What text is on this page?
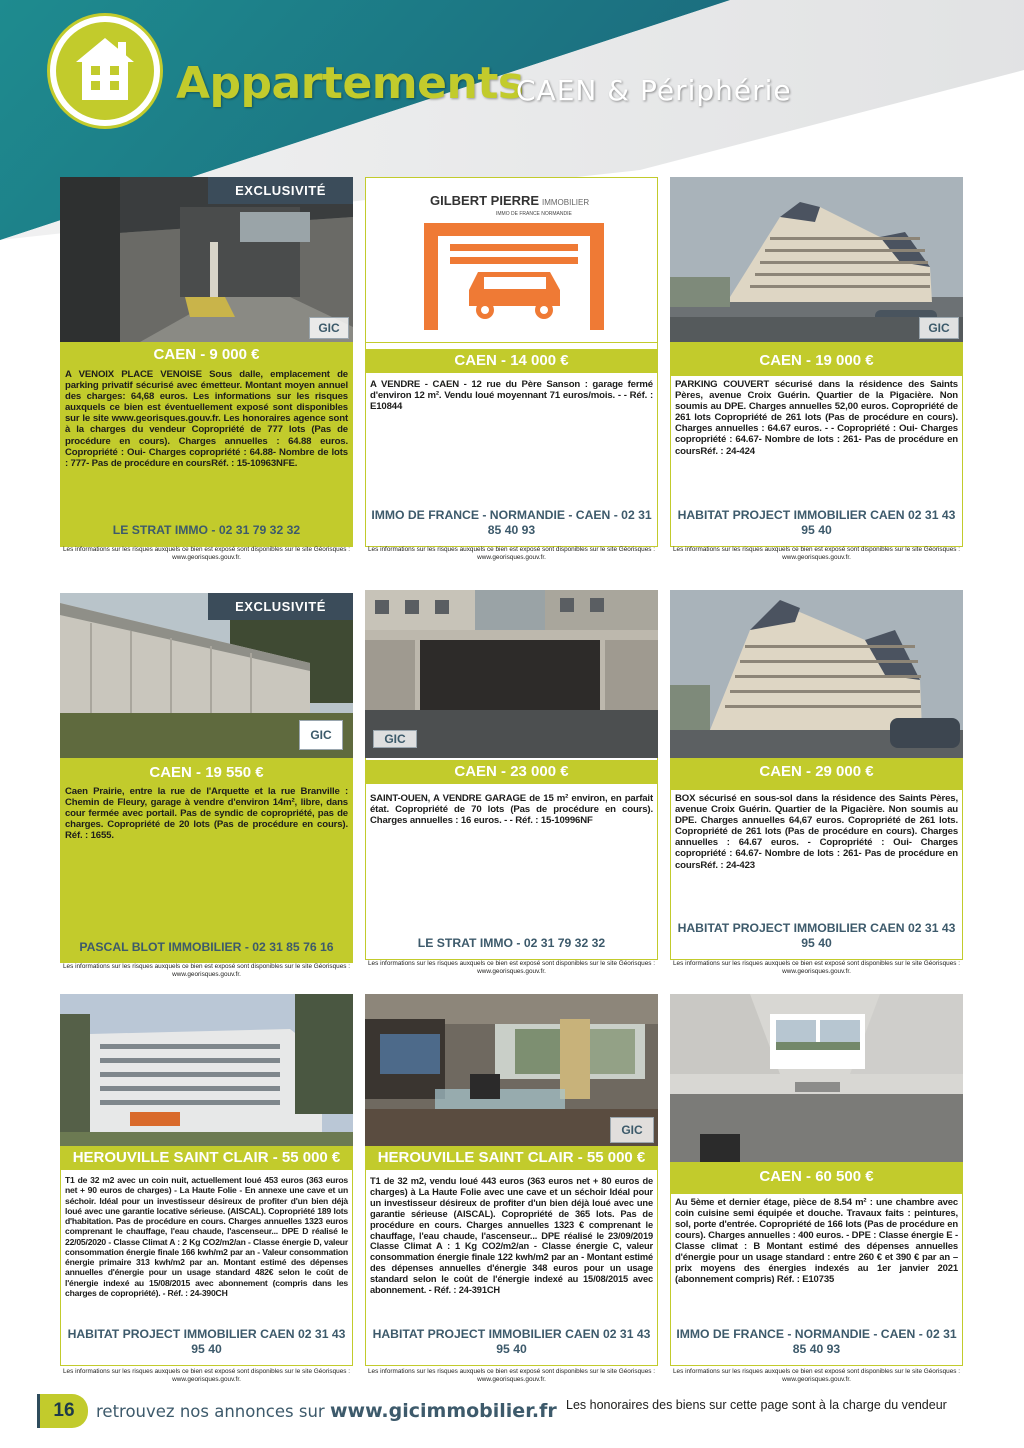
Appartements
CAEN & Périphérie
EXCLUSIVITÉ
GIC
CAEN - 9 000 €
A VENOIX PLACE VENOISE Sous dalle, emplacement de parking privatif sécurisé avec émetteur. Montant moyen annuel des charges: 64,68 euros. Les informations sur les risques auxquels ce bien est éventuellement exposé sont disponibles sur le site www.georisques.gouv.fr. Les honoraires agence sont à la charges du vendeur Copropriété de 777 lots (Pas de procédure en cours). Charges annuelles : 64.88 euros. Copropriété : Oui- Charges copropriété : 64.88- Nombre de lots : 777- Pas de procédure en coursRéf. : 15-10963NFE.
LE STRAT IMMO - 02 31 79 32 32
Les informations sur les risques auxquels ce bien est exposé sont disponibles sur le site Géorisques : www.georisques.gouv.fr.
GILBERT PIERRE IMMOBILIER
IMMO DE FRANCE NORMANDIE
CAEN - 14 000 €
A VENDRE - CAEN - 12 rue du Père Sanson : garage fermé d'environ 12 m². Vendu loué moyennant 71 euros/mois. - - Réf. : E10844
IMMO DE FRANCE - NORMANDIE - CAEN - 02 31 85 40 93
Les informations sur les risques auxquels ce bien est exposé sont disponibles sur le site Géorisques : www.georisques.gouv.fr.
GIC
CAEN - 19 000 €
PARKING COUVERT sécurisé dans la résidence des Saints Pères, avenue Croix Guérin. Quartier de la Pigacière. Non soumis au DPE. Charges annuelles 52,00 euros. Copropriété de 261 lots Copropriété de 261 lots (Pas de procédure en cours). Charges annuelles : 64.67 euros. - - Copropriété : Oui- Charges copropriété : 64.67- Nombre de lots : 261- Pas de procédure en coursRéf. : 24-424
HABITAT PROJECT IMMOBILIER CAEN 02 31 43 95 40
Les informations sur les risques auxquels ce bien est exposé sont disponibles sur le site Géorisques : www.georisques.gouv.fr.
EXCLUSIVITÉ
GIC
CAEN - 19 550 €
Caen Prairie, entre la rue de l'Arquette et la rue Branville : Chemin de Fleury, garage à vendre d'environ 14m², libre, dans cour fermée avec portail. Pas de syndic de copropriété, pas de charges. Copropriété de 20 lots (Pas de procédure en cours). Réf. : 1655.
PASCAL BLOT IMMOBILIER - 02 31 85 76 16
Les informations sur les risques auxquels ce bien est exposé sont disponibles sur le site Géorisques : www.georisques.gouv.fr.
GIC
CAEN - 23 000 €
SAINT-OUEN, A VENDRE GARAGE de 15 m² environ, en parfait état. Copropriété de 70 lots (Pas de procédure en cours). Charges annuelles : 16 euros. - - Réf. : 15-10996NF
LE STRAT IMMO - 02 31 79 32 32
Les informations sur les risques auxquels ce bien est exposé sont disponibles sur le site Géorisques : www.georisques.gouv.fr.
CAEN - 29 000 €
BOX sécurisé en sous-sol dans la résidence des Saints Pères, avenue Croix Guérin. Quartier de la Pigacière. Non soumis au DPE. Charges annuelles 64,67 euros. Copropriété de 261 lots. Copropriété de 261 lots (Pas de procédure en cours). Charges annuelles : 64.67 euros. - Copropriété : Oui- Charges copropriété : 64.67- Nombre de lots : 261- Pas de procédure en coursRéf. : 24-423
HABITAT PROJECT IMMOBILIER CAEN 02 31 43 95 40
Les informations sur les risques auxquels ce bien est exposé sont disponibles sur le site Géorisques : www.georisques.gouv.fr.
HEROUVILLE SAINT CLAIR - 55 000 €
T1 de 32 m2 avec un coin nuit, actuellement loué 453 euros (363 euros net + 90 euros de charges) - La Haute Folie - En annexe une cave et un séchoir. Idéal pour un investisseur désireux de profiter d'un bien déjà loué avec une garantie locative sérieuse. (AISCAL). Copropriété 189 lots d'habitation. Pas de procédure en cours. Charges annuelles 1323 euros comprenant le chauffage, l'eau chaude, l'ascenseur... DPE D réalisé le 22/05/2020 - Classe Climat A : 2 Kg CO2/m2/an - Classe énergie D, valeur consommation énergie finale 166 kwh/m2 par an - Valeur consommation énergie primaire 313 kwh/m2 par an. Montant estimé des dépenses annuelles d'énergie pour un usage standard 482€ selon le coût de l'énergie indexé au 15/08/2015 avec abonnement (compris dans les charges de copropriété). - Réf. : 24-390CH
HABITAT PROJECT IMMOBILIER CAEN 02 31 43 95 40
Les informations sur les risques auxquels ce bien est exposé sont disponibles sur le site Géorisques : www.georisques.gouv.fr.
GIC
HEROUVILLE SAINT CLAIR - 55 000 €
T1 de 32 m2, vendu loué 443 euros (363 euros net + 80 euros de charges) à La Haute Folie avec une cave et un séchoir Idéal pour un investisseur désireux de profiter d'un bien déjà loué avec une garantie sérieuse (AISCAL). Copropriété de 365 lots. Pas de procédure en cours. Charges annuelles 1323 € comprenant le chauffage, l'eau chaude, l'ascenseur... DPE réalisé le 23/09/2019 Classe Climat A : 1 Kg CO2/m2/an - Classe énergie C, valeur consommation énergie finale 122 kwh/m2 par an - Montant estimé des dépenses annuelles d'énergie 348 euros pour un usage standard selon le coût de l'énergie indexé au 15/08/2015 avec abonnement. - Réf. : 24-391CH
HABITAT PROJECT IMMOBILIER CAEN 02 31 43 95 40
Les informations sur les risques auxquels ce bien est exposé sont disponibles sur le site Géorisques : www.georisques.gouv.fr.
CAEN - 60 500 €
Au 5ème et dernier étage, pièce de 8.54 m² : une chambre avec coin cuisine semi équipée et douche. Travaux faits : peintures, sol, porte d'entrée. Copropriété de 166 lots (Pas de procédure en cours). Charges annuelles : 400 euros. - DPE : Classe énergie E - Classe climat : B Montant estimé des dépenses annuelles d'énergie pour un usage standard : entre 260 € et 390 € par an – prix moyens des énergies indexés au 1er janvier 2021 (abonnement compris) Réf. : E10735
IMMO DE FRANCE - NORMANDIE - CAEN - 02 31 85 40 93
Les informations sur les risques auxquels ce bien est exposé sont disponibles sur le site Géorisques : www.georisques.gouv.fr.
16	retrouvez nos annonces sur www.gicimmobilier.fr Les honoraires des biens sur cette page sont à la charge du vendeur
